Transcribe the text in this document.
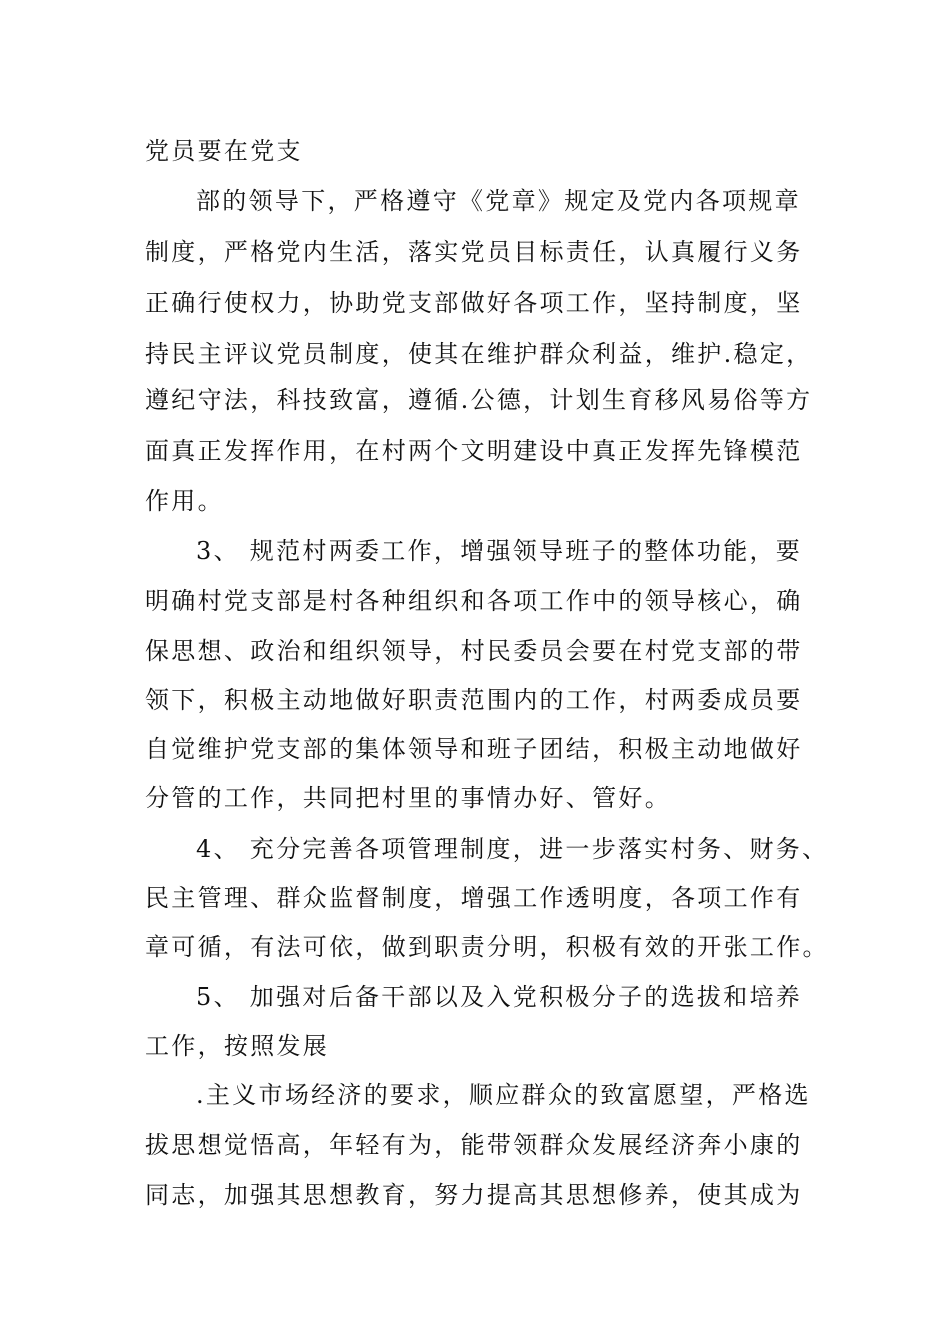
党员要在党支
部的领导下，严格遵守《党章》规定及党内各项规章
制度，严格党内生活，落实党员目标责任，认真履行义务
正确行使权力，协助党支部做好各项工作，坚持制度，坚
持民主评议党员制度，使其在维护群众利益，维护.稳定，
遵纪守法，科技致富，遵循.公德，计划生育移风易俗等方
面真正发挥作用，在村两个文明建设中真正发挥先锋模范
作用。
3、 规范村两委工作，增强领导班子的整体功能，要
明确村党支部是村各种组织和各项工作中的领导核心，确
保思想、政治和组织领导，村民委员会要在村党支部的带
领下，积极主动地做好职责范围内的工作，村两委成员要
自觉维护党支部的集体领导和班子团结，积极主动地做好
分管的工作，共同把村里的事情办好、管好。
4、 充分完善各项管理制度，进一步落实村务、财务、
民主管理、群众监督制度，增强工作透明度，各项工作有
章可循，有法可依，做到职责分明，积极有效的开张工作。
5、 加强对后备干部以及入党积极分子的选拔和培养
工作，按照发展
.主义市场经济的要求，顺应群众的致富愿望，严格选
拔思想觉悟高，年轻有为，能带领群众发展经济奔小康的
同志，加强其思想教育，努力提高其思想修养，使其成为
